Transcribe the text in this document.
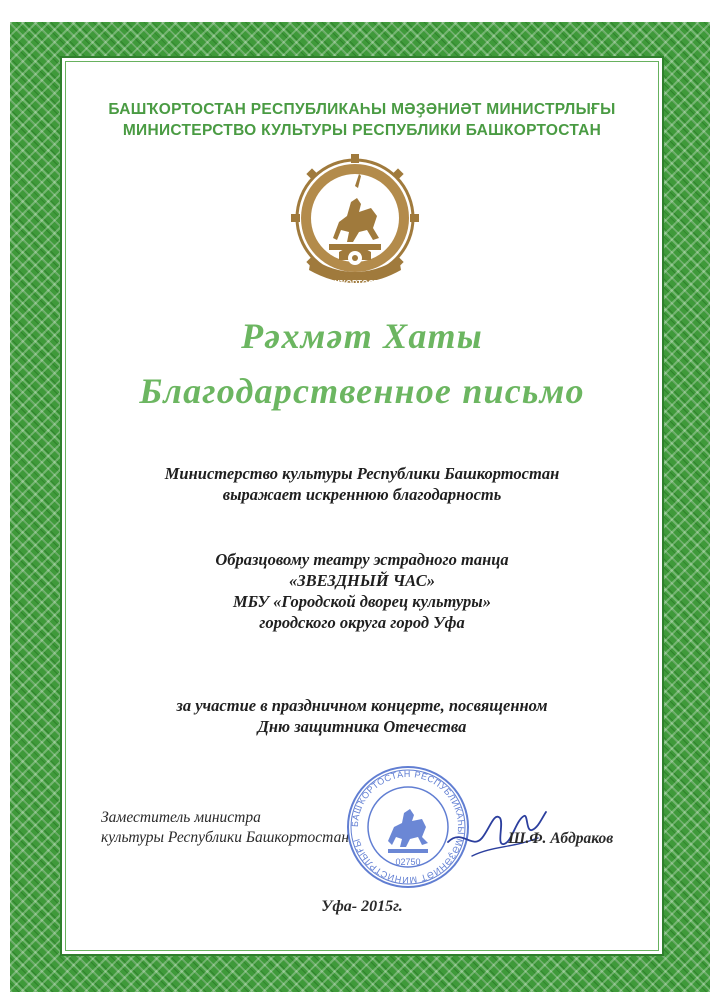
БАШҠОРТОСТАН РЕСПУБЛИКАҺЫ МӘҘӘНИӘТ МИНИСТРЛЫҒЫ
МИНИСТЕРСТВО КУЛЬТУРЫ РЕСПУБЛИКИ БАШКОРТОСТАН
БАШҠОРТОСТАН
Рәхмәт Хаты
Благодарственное письмо
Министерство культуры Республики Башкортостан
выражает искреннюю благодарность
Образцовому театру эстрадного танца
«ЗВЕЗДНЫЙ ЧАС»
МБУ «Городской дворец культуры»
городского округа город Уфа
за участие в праздничном концерте, посвященном
Дню защитника Отечества
Заместитель министра
культуры Республики Башкортостан
БАШҠОРТОСТАН РЕСПУБЛИКАҺЫ МӘҘӘНИӘТ МИНИСТРЛЫҒЫ
02750
Ш.Ф. Абдраков
Уфа- 2015г.
